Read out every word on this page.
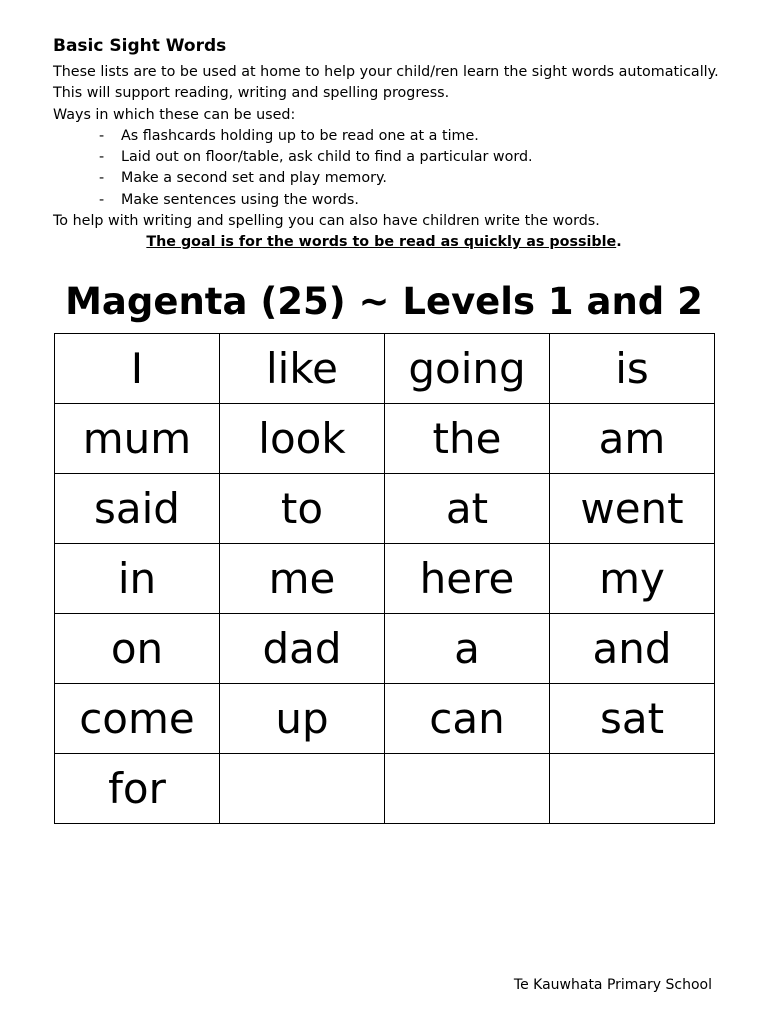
Basic Sight Words

These lists are to be used at home to help your child/ren learn the sight words automatically.

This will support reading, writing and spelling progress.

Ways in which these can be used:

- As flashcards holding up to be read one at a time.
- Laid out on floor/table, ask child to find a particular word.
- Make a second set and play memory.
- Make sentences using the words.

To help with writing and spelling you can also have children write the words.

The goal is for the words to be read as quickly as possible.
Magenta (25) ~ Levels 1 and 2
I	like	going	is
mum	look	the	am
said	to	at	went
in	me	here	my
on	dad	a	and
come	up	can	sat
for			
Te Kauwhata Primary School
